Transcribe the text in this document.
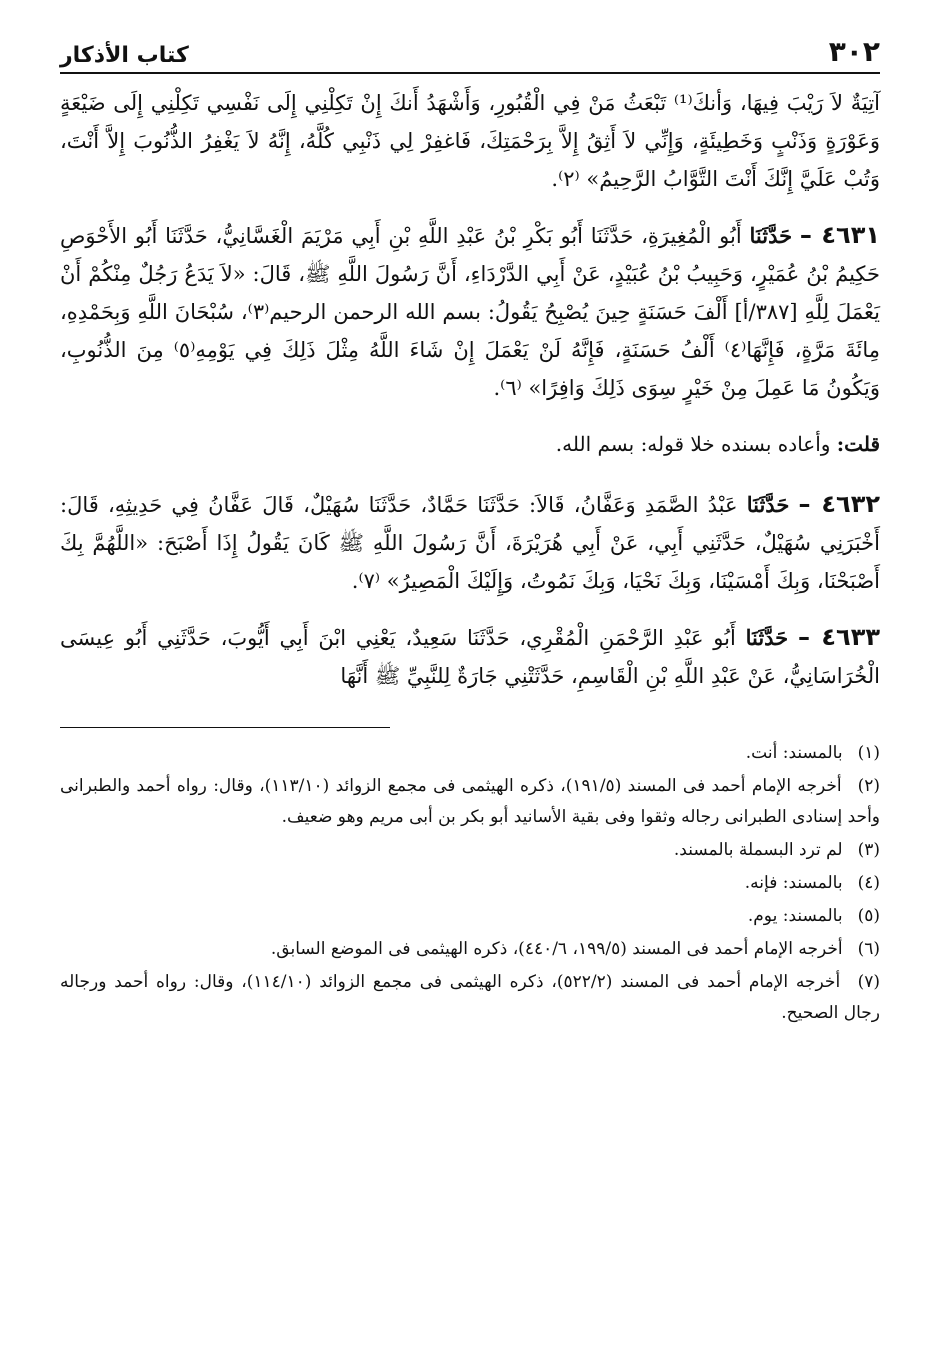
٣٠٢
كتاب الأذكار

آتِيَةٌ لاَ رَيْبَ فِيهَا، وَأنكَ⁽¹⁾ تَبْعَثُ مَنْ فِي الْقُبُورِ، وَأَشْهَدُ أَنكَ إِنْ تَكِلْنِي إِلَى نَفْسِي تَكِلْنِي إِلَى ضَيْعَةٍ وَعَوْرَةٍ وَذَنْبٍ وَخَطِيئَةٍ، وَإِنِّي لاَ أَثِقُ إِلاَّ بِرَحْمَتِكَ، فَاغفِرْ لِي ذَنْبِي كُلَّهُ، إِنَّهُ لاَ يَغْفِرُ الذُّنُوبَ إِلاَّ أَنْتَ، وَتُبْ عَلَيَّ إِنَّكَ أَنْتَ التَّوَّابُ الرَّحِيمُ» ⁽٢⁾.

٤٦٣١ – حَدَّثَنَا أَبُو الْمُغِيرَةِ، حَدَّثَنَا أَبُو بَكْرِ بْنُ عَبْدِ اللَّهِ بْنِ أَبِي مَرْيَمَ الْغَسَّانِيُّ، حَدَّثَنَا أَبُو الأَحْوَصِ حَكِيمُ بْنُ عُمَيْرٍ، وَحَبِيبُ بْنُ عُبَيْدٍ، عَنْ أَبِي الدَّرْدَاءِ، أَنَّ رَسُولَ اللَّهِ ﷺ، قَالَ: «لاَ يَدَعُ رَجُلٌ مِنْكُمْ أَنْ يَعْمَلَ لِلَّهِ [٣٨٧/أ] أَلْفَ حَسَنَةٍ حِينَ يُصْبِحُ يَقُولُ: بسم الله الرحمن الرحيم⁽٣⁾، سُبْحَانَ اللَّهِ وَبِحَمْدِهِ، مِائَةَ مَرَّةٍ، فَإِنَّهَا⁽٤⁾ أَلْفُ حَسَنَةٍ، فَإِنَّهُ لَنْ يَعْمَلَ إِنْ شَاءَ اللَّهُ مِثْلَ ذَلِكَ فِي يَوْمِهِ⁽٥⁾ مِنَ الذُّنُوبِ، وَيَكُونُ مَا عَمِلَ مِنْ خَيْرٍ سِوَى ذَلِكَ وَافِرًا» ⁽٦⁾.

قلت: وأعاده بسنده خلا قوله: بسم الله.

٤٦٣٢ – حَدَّثَنَا عَبْدُ الصَّمَدِ وَعَفَّانُ، قَالاَ: حَدَّثَنَا حَمَّادٌ، حَدَّثَنَا سُهَيْلٌ، قَالَ عَفَّانُ فِي حَدِيثِهِ، قَالَ: أَخْبَرَنِي سُهَيْلٌ، حَدَّثَنِي أَبِي، عَنْ أَبِي هُرَيْرَةَ، أَنَّ رَسُولَ اللَّهِ ﷺ كَانَ يَقُولُ إِذَا أَصْبَحَ: «اللَّهُمَّ بِكَ أَصْبَحْنَا، وَبِكَ أَمْسَيْنَا، وَبِكَ نَحْيَا، وَبِكَ نَمُوتُ، وَإِلَيْكَ الْمَصِيرُ» ⁽٧⁾.

٤٦٣٣ – حَدَّثَنَا أَبُو عَبْدِ الرَّحْمَنِ الْمُقْرِي، حَدَّثَنَا سَعِيدٌ، يَعْنِي ابْنَ أَبِي أَيُّوبَ، حَدَّثَنِي أَبُو عِيسَى الْخُرَاسَانِيُّ، عَنْ عَبْدِ اللَّهِ بْنِ الْقَاسِمِ، حَدَّثَتْنِي جَارَةٌ لِلنَّبِيِّ ﷺ أَنَّهَا

(١) بالمسند: أنت.
(٢) أخرجه الإمام أحمد فى المسند (١٩١/٥)، ذكره الهيثمى فى مجمع الزوائد (١١٣/١٠)، وقال: رواه أحمد والطبرانى وأحد إسنادى الطبرانى رجاله وثقوا وفى بقية الأسانيد أبو بكر بن أبى مريم وهو ضعيف.
(٣) لم ترد البسملة بالمسند.
(٤) بالمسند: فإنه.
(٥) بالمسند: يوم.
(٦) أخرجه الإمام أحمد فى المسند (١٩٩/٥، ٤٤٠/٦)، ذكره الهيثمى فى الموضع السابق.
(٧) أخرجه الإمام أحمد فى المسند (٥٢٢/٢)، ذكره الهيثمى فى مجمع الزوائد (١١٤/١٠)، وقال: رواه أحمد ورجاله رجال الصحيح.
